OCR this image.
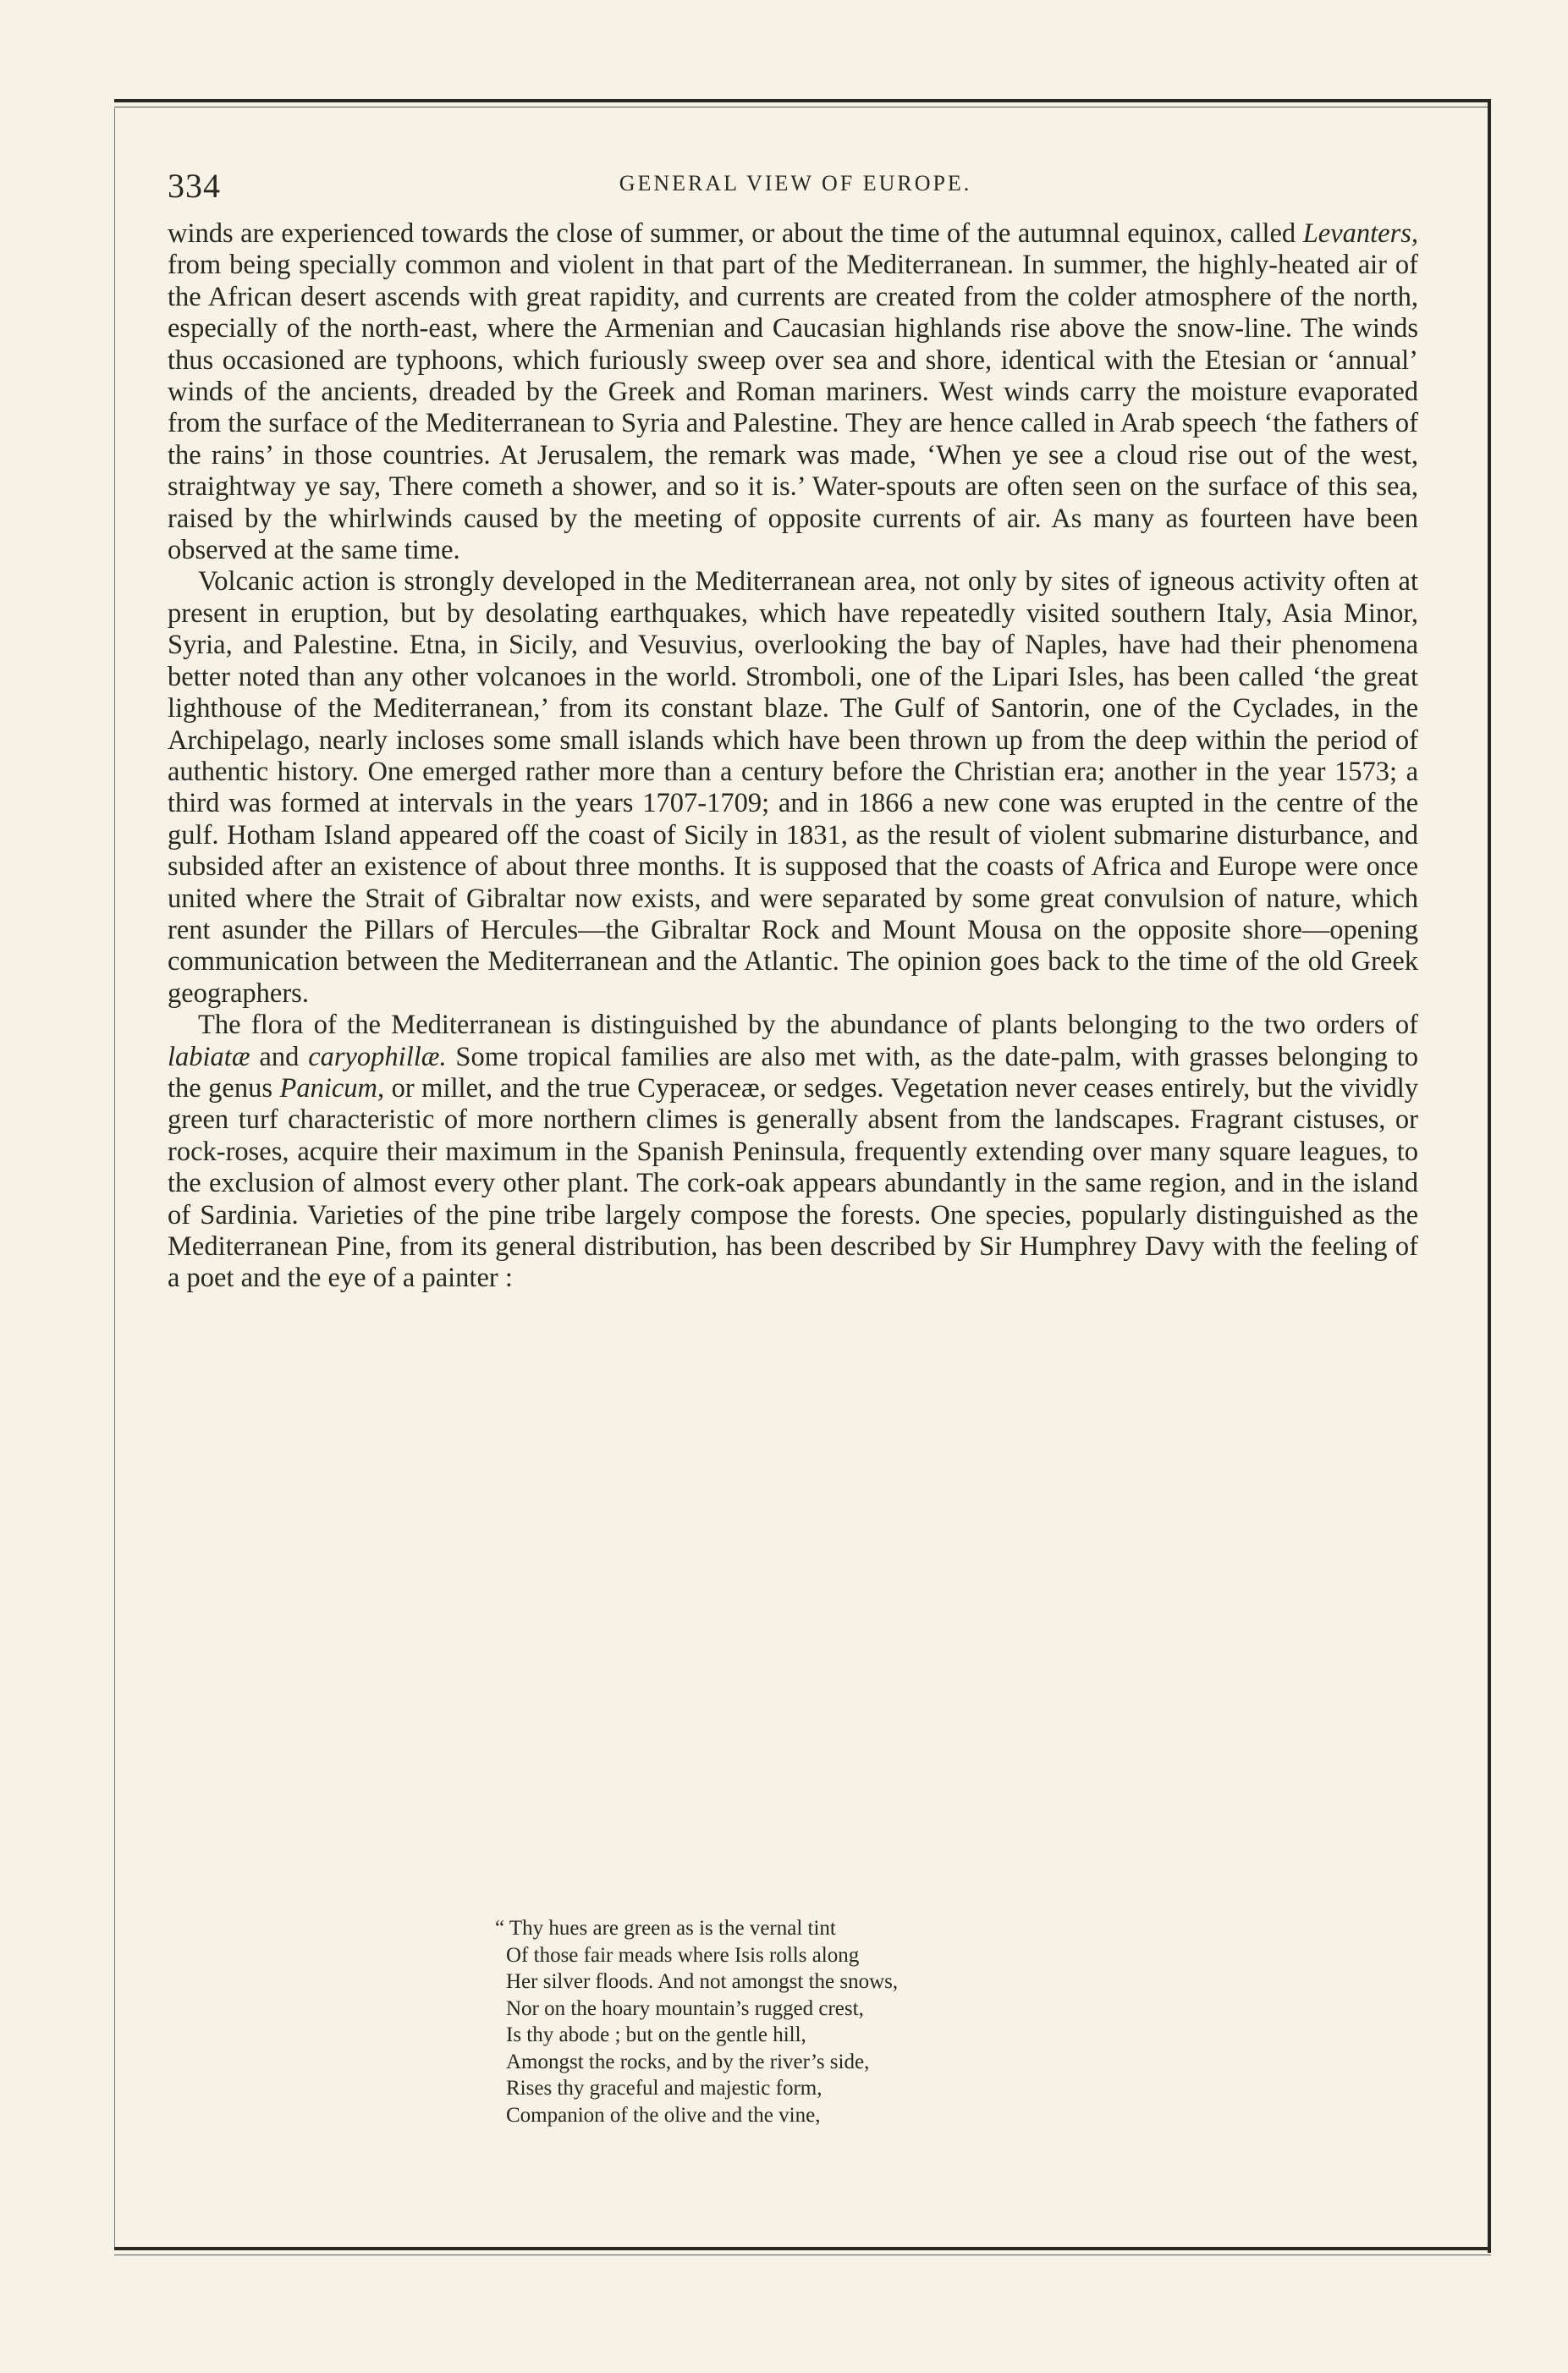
334	GENERAL VIEW OF EUROPE.

winds are experienced towards the close of summer, or about the time of the autumnal equinox, called Levanters, from being specially common and violent in that part of the Mediterranean. In summer, the highly-heated air of the African desert ascends with great rapidity, and currents are created from the colder atmosphere of the north, especially of the north-east, where the Armenian and Caucasian highlands rise above the snow-line. The winds thus occasioned are typhoons, which furiously sweep over sea and shore, identical with the Etesian or ‘annual’ winds of the ancients, dreaded by the Greek and Roman mariners. West winds carry the moisture evaporated from the surface of the Mediterranean to Syria and Palestine. They are hence called in Arab speech ‘the fathers of the rains’ in those countries. At Jerusalem, the remark was made, ‘When ye see a cloud rise out of the west, straightway ye say, There cometh a shower, and so it is.’ Water-spouts are often seen on the surface of this sea, raised by the whirlwinds caused by the meeting of opposite currents of air. As many as fourteen have been observed at the same time.

Volcanic action is strongly developed in the Mediterranean area, not only by sites of igneous activity often at present in eruption, but by desolating earthquakes, which have repeatedly visited southern Italy, Asia Minor, Syria, and Palestine. Etna, in Sicily, and Vesuvius, overlooking the bay of Naples, have had their phenomena better noted than any other volcanoes in the world. Stromboli, one of the Lipari Isles, has been called ‘the great lighthouse of the Mediterranean,’ from its constant blaze. The Gulf of Santorin, one of the Cyclades, in the Archipelago, nearly incloses some small islands which have been thrown up from the deep within the period of authentic history. One emerged rather more than a century before the Christian era; another in the year 1573; a third was formed at intervals in the years 1707-1709; and in 1866 a new cone was erupted in the centre of the gulf. Hotham Island appeared off the coast of Sicily in 1831, as the result of violent submarine disturbance, and subsided after an existence of about three months. It is supposed that the coasts of Africa and Europe were once united where the Strait of Gibraltar now exists, and were separated by some great convulsion of nature, which rent asunder the Pillars of Hercules—the Gibraltar Rock and Mount Mousa on the opposite shore—opening communication between the Mediterranean and the Atlantic. The opinion goes back to the time of the old Greek geographers.

The flora of the Mediterranean is distinguished by the abundance of plants belonging to the two orders of labiatæ and caryophillæ. Some tropical families are also met with, as the date-palm, with grasses belonging to the genus Panicum, or millet, and the true Cyperaceæ, or sedges. Vegetation never ceases entirely, but the vividly green turf characteristic of more northern climes is generally absent from the landscapes. Fragrant cistuses, or rock-roses, acquire their maximum in the Spanish Peninsula, frequently extending over many square leagues, to the exclusion of almost every other plant. The cork-oak appears abundantly in the same region, and in the island of Sardinia. Varieties of the pine tribe largely compose the forests. One species, popularly distinguished as the Mediterranean Pine, from its general distribution, has been described by Sir Humphrey Davy with the feeling of a poet and the eye of a painter :

“ Thy hues are green as is the vernal tint
Of those fair meads where Isis rolls along
Her silver floods. And not amongst the snows,
Nor on the hoary mountain’s rugged crest,
Is thy abode ; but on the gentle hill,
Amongst the rocks, and by the river’s side,
Rises thy graceful and majestic form,
Companion of the olive and the vine,
